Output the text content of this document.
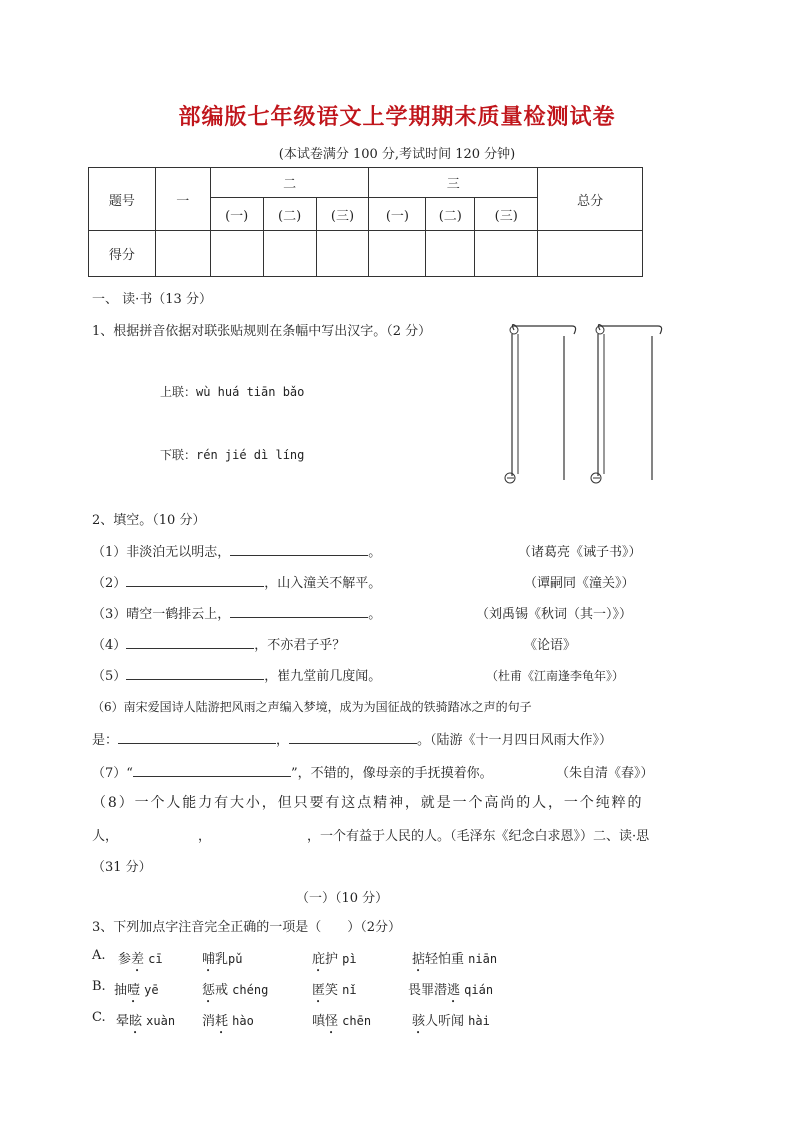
部编版七年级语文上学期期末质量检测试卷
(本试卷满分 100 分,考试时间 120 分钟)
题号	一	二			三			总分
		(一)	(二)	(三)	(一)	(二)	(三)	
得分								
一、 读·书（13 分）
1、根据拼音依据对联张贴规则在条幅中写出汉字。（2 分）
上联：wù huá tiān bǎo
下联：rén jié dì líng
2、填空。（10 分）
（1）非淡泊无以明志，	。	（诸葛亮《诫子书》）
（2）	，山入潼关不解平。	（谭嗣同《潼关》）
（3）晴空一鹤排云上，	。	（刘禹锡《秋词（其一）》）
（4）	，不亦君子乎？	《论语》
（5）	，崔九堂前几度闻。	（杜甫《江南逢李龟年》）
（6）南宋爱国诗人陆游把风雨之声编入梦境，成为为国征战的铁骑踏冰之声的句子
是：	，	。（陆游《十一月四日风雨大作》）
（7）“	”，不错的，像母亲的手抚摸着你。	（朱自清《春》）
（8）一个人能力有大小，但只要有这点精神，就是一个高尚的人，一个纯粹的
人，	，	，一个有益于人民的人。（毛泽东《纪念白求恩》）二、读·思
（31 分）
（一）（10 分）
3、下列加点字注音完全正确的一项是（　　）（2分）
A. 参差 cī	哺乳pǔ	庇护 pì	掂轻怕重 niān
B. 抽噎 yē	惩戒 chéng	匿笑 nǐ	畏罪潜逃 qián
C. 晕眩 xuàn 消耗 hào	嗔怪 chēn	骇人听闻 hài
